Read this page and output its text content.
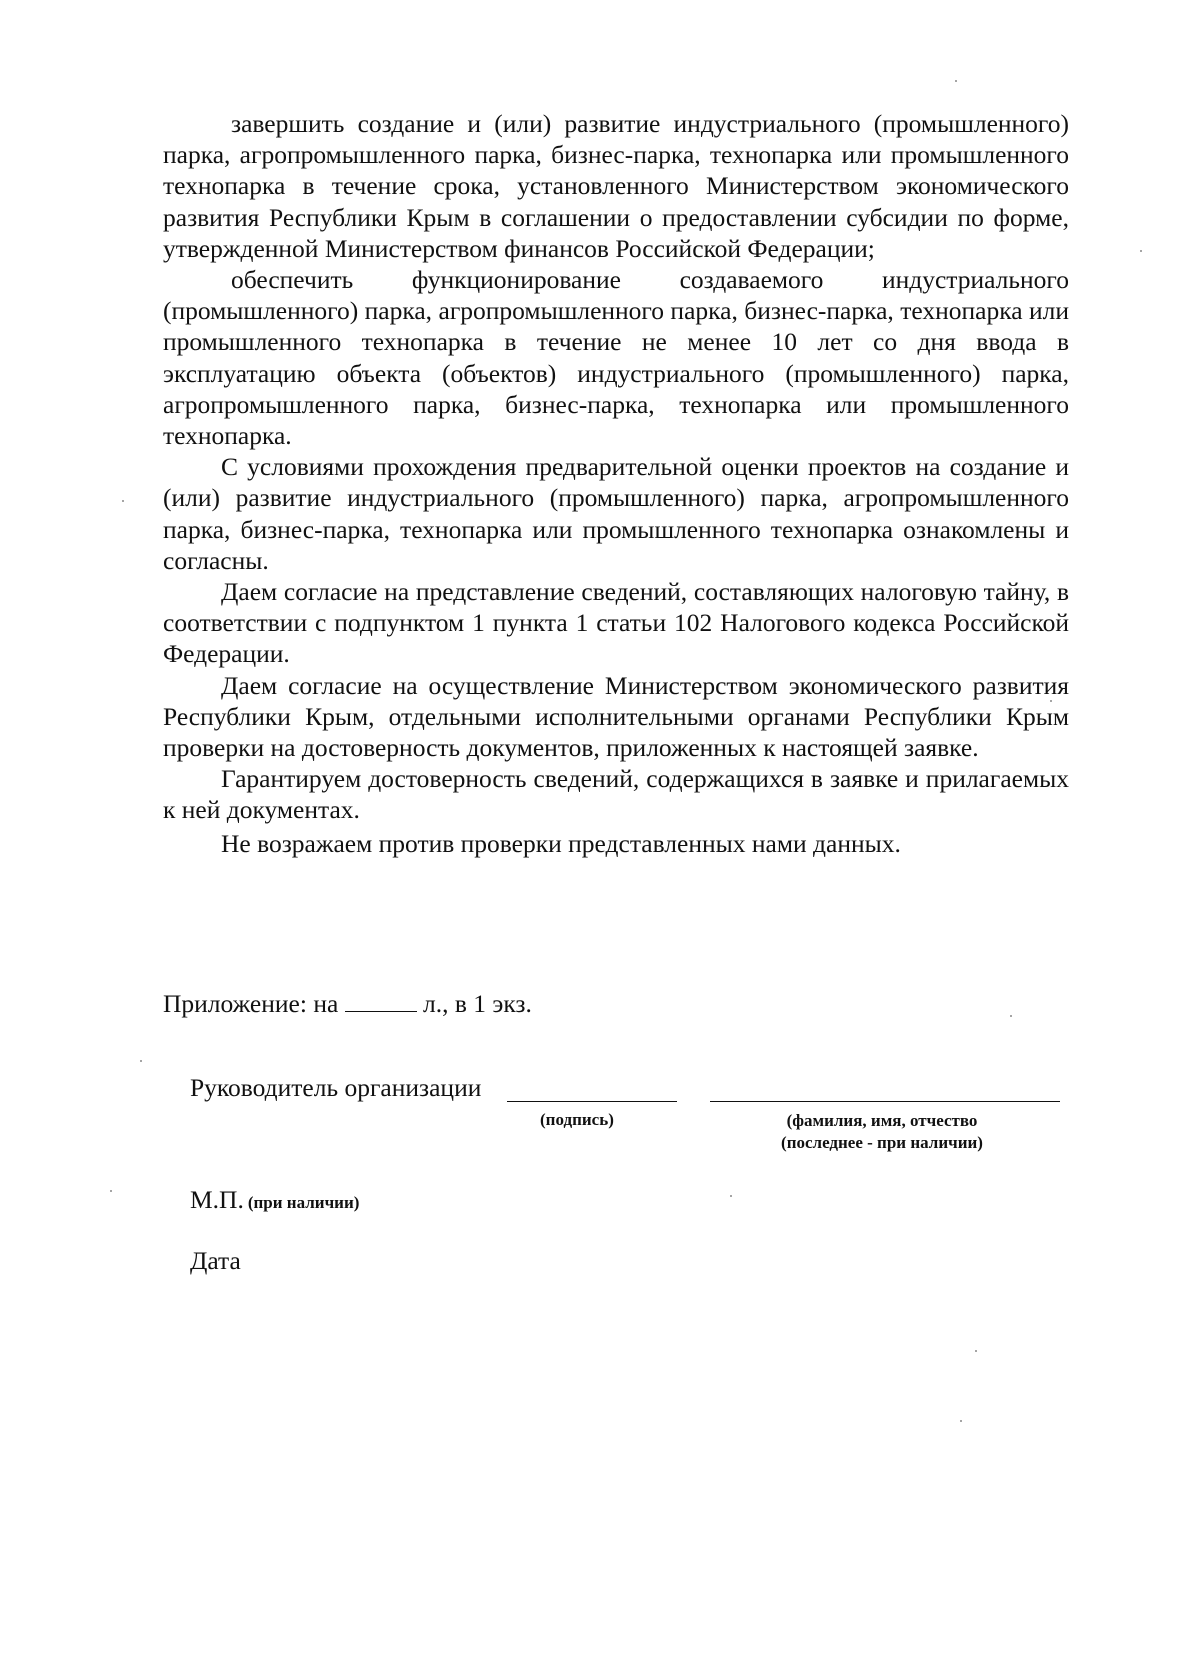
завершить создание и (или) развитие индустриального (промышленного) парка, агропромышленного парка, бизнес-парка, технопарка или промышленного технопарка в течение срока, установленного Министерством экономического развития Республики Крым в соглашении о предоставлении субсидии по форме, утвержденной Министерством финансов Российской Федерации;

обеспечить функционирование создаваемого индустриального (промышленного) парка, агропромышленного парка, бизнес-парка, технопарка или промышленного технопарка в течение не менее 10 лет со дня ввода в эксплуатацию объекта (объектов) индустриального (промышленного) парка, агропромышленного парка, бизнес-парка, технопарка или промышленного технопарка.

С условиями прохождения предварительной оценки проектов на создание и (или) развитие индустриального (промышленного) парка, агропромышленного парка, бизнес-парка, технопарка или промышленного технопарка ознакомлены и согласны.

Даем согласие на представление сведений, составляющих налоговую тайну, в соответствии с подпунктом 1 пункта 1 статьи 102 Налогового кодекса Российской Федерации.

Даем согласие на осуществление Министерством экономического развития Республики Крым, отдельными исполнительными органами Республики Крым проверки на достоверность документов, приложенных к настоящей заявке.

Гарантируем достоверность сведений, содержащихся в заявке и прилагаемых к ней документах.

Не возражаем против проверки представленных нами данных.

Приложение: на	л., в 1 экз.
Руководитель организации
(подпись)	(фамилия, имя, отчество
(последнее - при наличии)
М.П. (при наличии)
Дата
